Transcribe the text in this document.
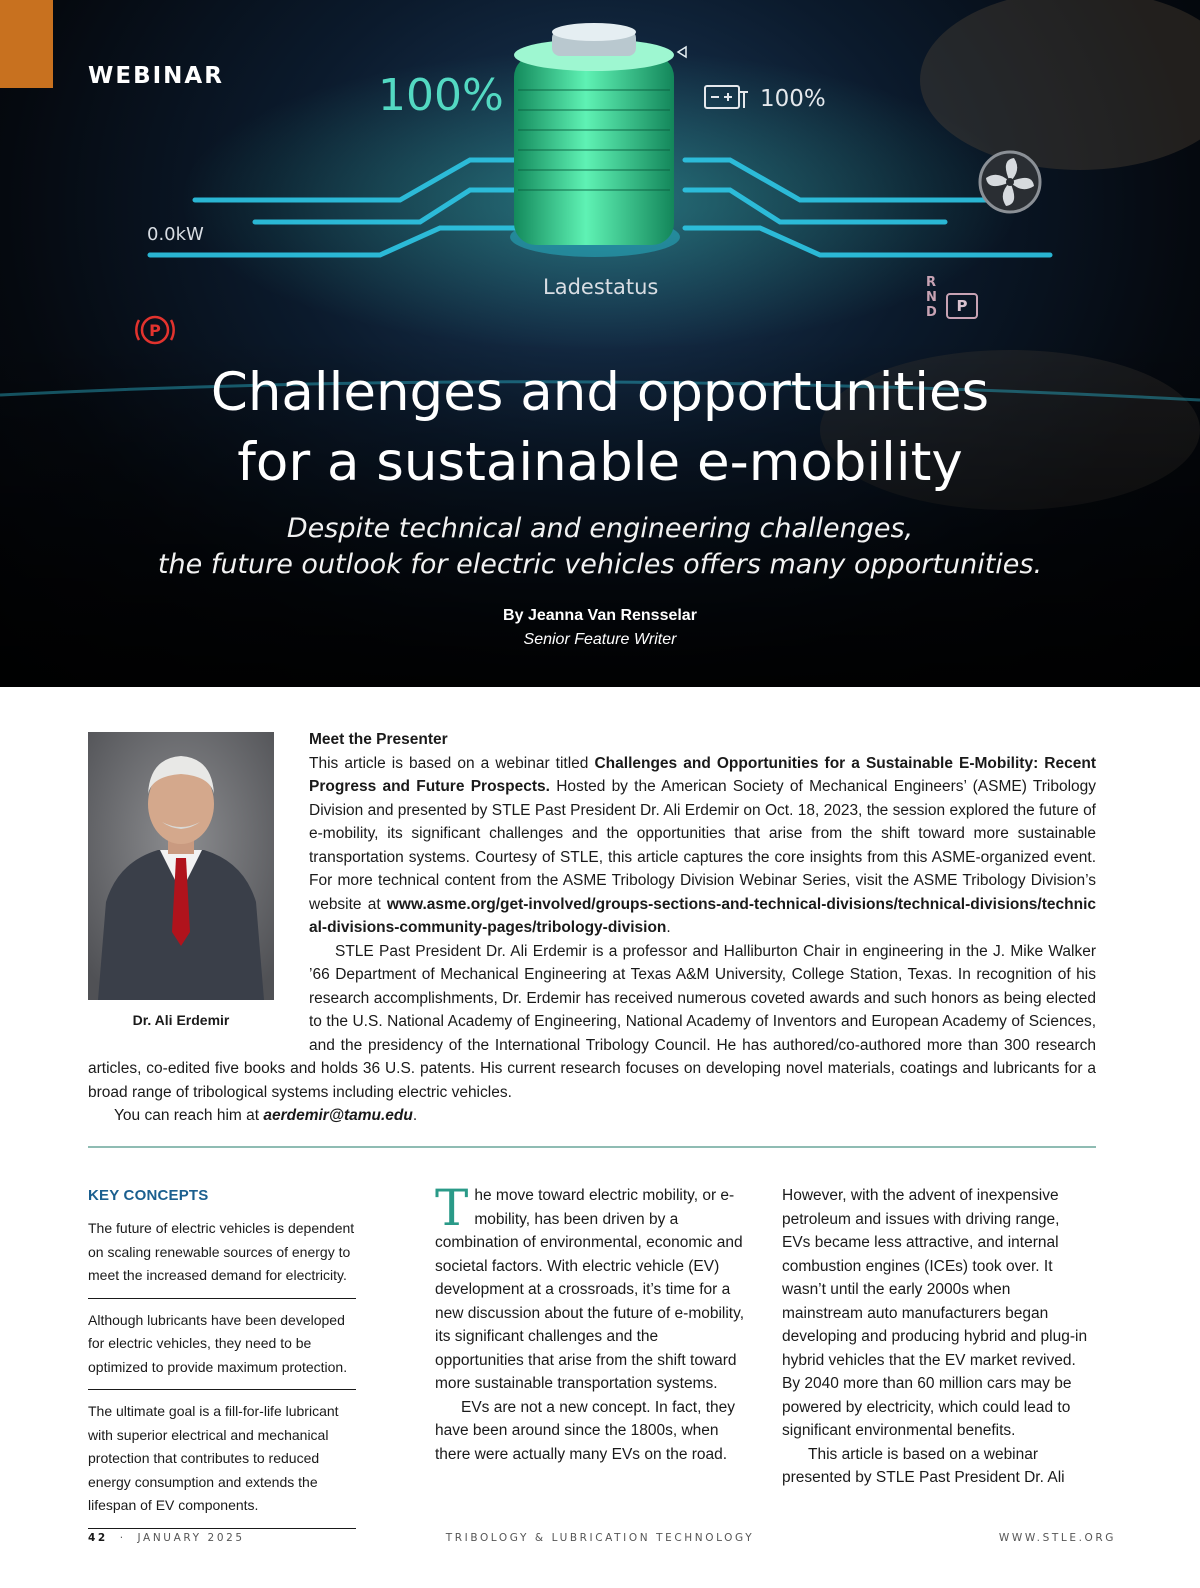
P

WEBINAR	100%	100%

0.0kW

Ladestatus	R
N
D	P
Challenges and opportunities
for a sustainable e-mobility

Despite technical and engineering challenges,
the future outlook for electric vehicles offers many opportunities.

By Jeanna Van Rensselar

Senior Feature Writer

Dr. Ali Erdemir

Meet the Presenter

This article is based on a webinar titled Challenges and Opportunities for a Sustainable E-Mobility: Recent Progress and Future Prospects. Hosted by the American Society of Mechanical Engineers’ (ASME) Tribology Division and presented by STLE Past President Dr. Ali Erdemir on Oct. 18, 2023, the session explored the future of e-mobility, its significant challenges and the opportunities that arise from the shift toward more sustainable transportation systems. Courtesy of STLE, this article captures the core insights from this ASME-organized event. For more technical content from the ASME Tribology Division Webinar Series, visit the ASME Tribology Division’s website at www.asme.org/get-involved/groups-sections-and-technical-divisions/technical-divisions/technical-divisions-community-pages/tribology-division.

STLE Past President Dr. Ali Erdemir is a professor and Halliburton Chair in engineering in the J. Mike Walker ’66 Department of Mechanical Engineering at Texas A&M University, College Station, Texas. In recognition of his research accomplishments, Dr. Erdemir has received numerous coveted awards and such honors as being elected to the U.S. National Academy of Engineering, National Academy of Inventors and European Academy of Sciences, and the presidency of the International Tribology Council. He has authored/co-authored more than 300 research articles, co-edited five books and holds 36 U.S. patents. His current research focuses on developing novel materials, coatings and lubricants for a broad range of tribological systems including electric vehicles.

You can reach him at aerdemir@tamu.edu.

KEY CONCEPTS

The future of electric vehicles is dependent on scaling renewable sources of energy to meet the increased demand for electricity.
Although lubricants have been developed for electric vehicles, they need to be optimized to provide maximum protection.
The ultimate goal is a fill-for-life lubricant with superior electrical and mechanical protection that contributes to reduced energy consumption and extends the lifespan of EV components.
T he move toward electric mobility, or e-mobility, has been driven by a combination of environmental, economic and societal factors. With electric vehicle (EV) development at a crossroads, it’s time for a new discussion about the future of e-mobility, its significant challenges and the opportunities that arise from the shift toward more sustainable transportation systems.

EVs are not a new concept. In fact, they have been around since the 1800s, when there were actually many EVs on the road.

However, with the advent of inexpensive petroleum and issues with driving range, EVs became less attractive, and internal combustion engines (ICEs) took over. It wasn’t until the early 2000s when mainstream auto manufacturers began developing and producing hybrid and plug-in hybrid vehicles that the EV market revived. By 2040 more than 60 million cars may be powered by electricity, which could lead to significant environmental benefits.

This article is based on a webinar presented by STLE Past President Dr. Ali

42 · JANUARY 2025	TRIBOLOGY & LUBRICATION TECHNOLOGY	WWW.STLE.ORG
